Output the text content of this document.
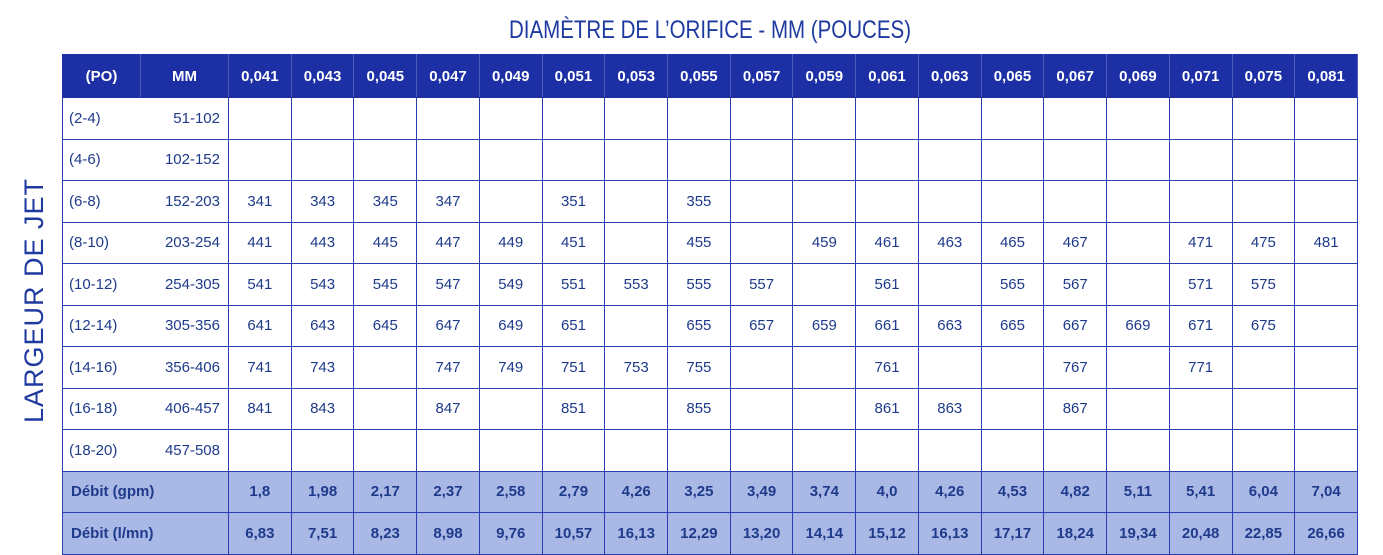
DIAMÈTRE DE L’ORIFICE - MM (POUCES)
LARGEUR DE JET
(PO)	MM	0,041	0,043	0,045	0,047	0,049	0,051	0,053	0,055	0,057	0,059	0,061	0,063	0,065	0,067	0,069	0,071	0,075	0,081
(2-4)	51-102																		
(4-6)	102-152																		
(6-8)	152-203	341	343	345	347		351		355										
(8-10)	203-254	441	443	445	447	449	451		455		459	461	463	465	467		471	475	481
(10-12)	254-305	541	543	545	547	549	551	553	555	557		561		565	567		571	575	
(12-14)	305-356	641	643	645	647	649	651		655	657	659	661	663	665	667	669	671	675	
(14-16)	356-406	741	743		747	749	751	753	755			761			767		771		
(16-18)	406-457	841	843		847		851		855			861	863		867				
(18-20)	457-508																		
Débit (gpm)		1,8	1,98	2,17	2,37	2,58	2,79	4,26	3,25	3,49	3,74	4,0	4,26	4,53	4,82	5,11	5,41	6,04	7,04
Débit (l/mn)		6,83	7,51	8,23	8,98	9,76	10,57	16,13	12,29	13,20	14,14	15,12	16,13	17,17	18,24	19,34	20,48	22,85	26,66
